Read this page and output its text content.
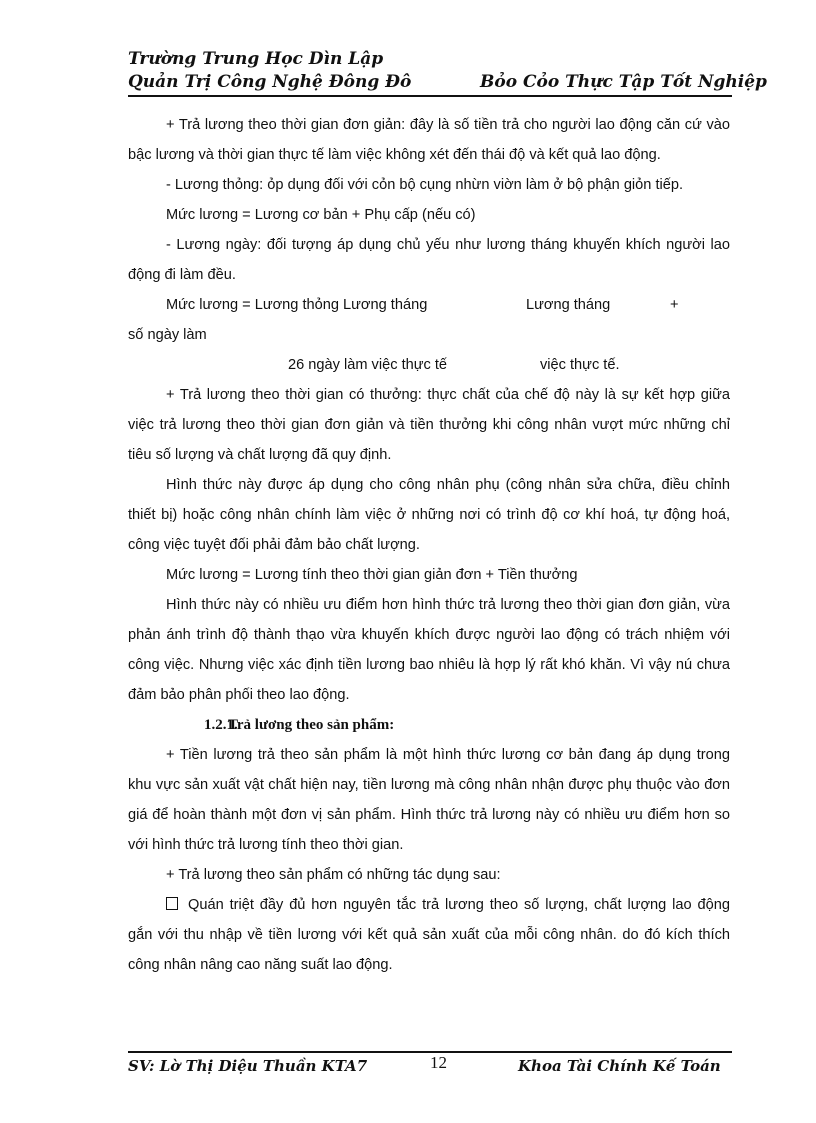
Trường Trung Học Dìn Lập
Quản Trị Công Nghệ Đông Đô	Bỏo Cỏo Thực Tập Tốt Nghiệp

+ Trả lương theo thời gian đơn giản: đây là số tiền trả cho người lao động căn cứ vào bậc lương và thời gian thực tế làm việc không xét đến thái độ và kết quả lao động.

- Lương thỏng: ỏp dụng đối với cỏn bộ cụng nhừn viờn làm ở bộ phận giỏn tiếp.

Mức lương = Lương cơ bản + Phụ cấp (nếu có)

- Lương ngày: đối tượng áp dụng chủ yếu như lương tháng khuyến khích người lao động đi làm đều.

Mức lương = Lương thỏng Lương tháng	Lương tháng	+
số ngày làm
26 ngày làm việc thực tế	việc thực tế.

+ Trả lương theo thời gian có thưởng: thực chất của chế độ này là sự kết hợp giữa việc trả lương theo thời gian đơn giản và tiền thưởng khi công nhân vượt mức những chỉ tiêu số lượng và chất lượng đã quy định.

Hình thức này được áp dụng cho công nhân phụ (công nhân sửa chữa, điều chỉnh thiết bị) hoặc công nhân chính làm việc ở những nơi có trình độ cơ khí hoá, tự động hoá, công việc tuyệt đối phải đảm bảo chất lượng.

Mức lương = Lương tính theo thời gian giản đơn + Tiền thưởng

Hình thức này có nhiều ưu điểm hơn hình thức trả lương theo thời gian đơn giản, vừa phản ánh trình độ thành thạo vừa khuyến khích được người lao động có trách nhiệm với công việc. Nhưng việc xác định tiền lương bao nhiêu là hợp lý rất khó khăn. Vì vậy nú chưa đảm bảo phân phối theo lao động.

1.2.1.Trả lương theo sản phẩm:

+ Tiền lương trả theo sản phẩm là một hình thức lương cơ bản đang áp dụng trong khu vực sản xuất vật chất hiện nay, tiền lương mà công nhân nhận được phụ thuộc vào đơn giá để hoàn thành một đơn vị sản phẩm. Hình thức trả lương này có nhiều ưu điểm hơn so với hình thức trả lương tính theo thời gian.

+ Trả lương theo sản phẩm có những tác dụng sau:

Quán triệt đầy đủ hơn nguyên tắc trả lương theo số lượng, chất lượng lao động gắn với thu nhập về tiền lương với kết quả sản xuất của mỗi công nhân. do đó kích thích công nhân nâng cao năng suất lao động.

SV: Lờ Thị Diệu Thuần KTA7	12	Khoa Tài Chính Kế Toán
